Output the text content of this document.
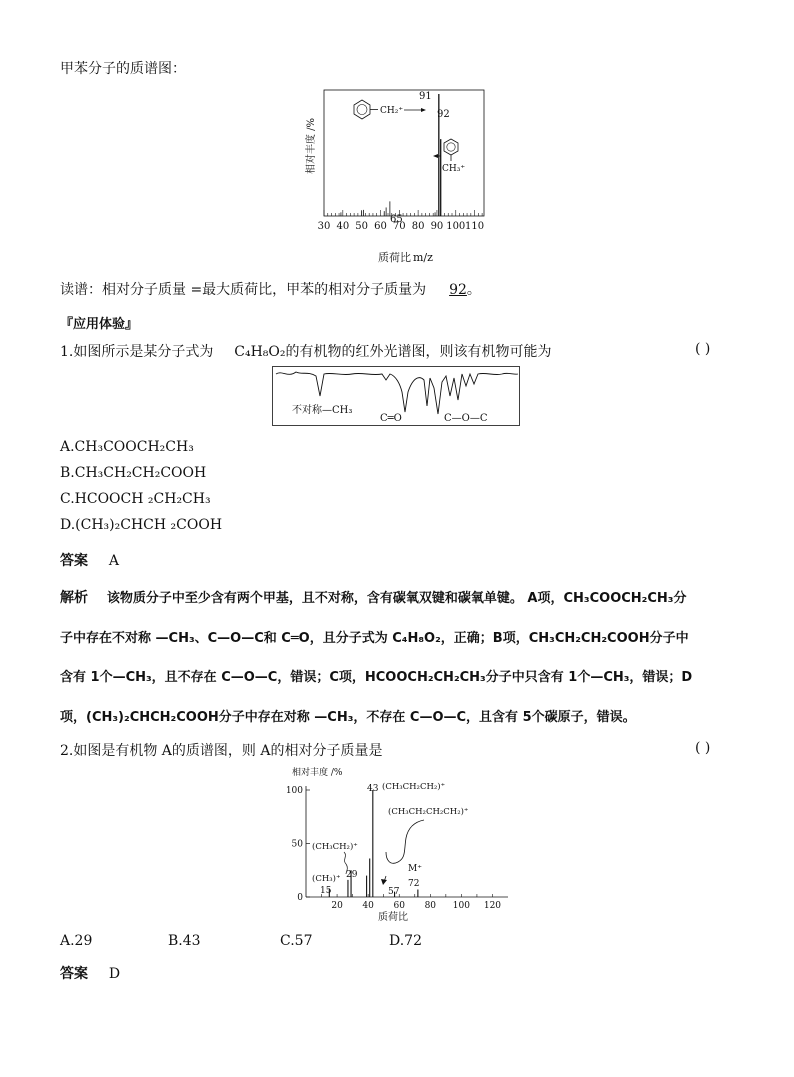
甲苯分子的质谱图：
相对丰度 /%
30 40 50 60 70 80 90 100 110
CH₂⁺
91
92
CH₃⁺
65
质荷比 m/z
读谱：相对分子质量 =最大质荷比，甲苯的相对分子质量为 92。
『应用体验』
1.如图所示是某分子式为 C₄H₈O₂的有机物的红外光谱图，则该有机物可能为	( )
不对称—CH₃
C═O	C—O—C
A.CH₃COOCH₂CH₃
B.CH₃CH₂CH₂COOH
C.HCOOCH ₂CH₂CH₃
D.(CH₃)₂CHCH ₂COOH
答案 A
解析 该物质分子中至少含有两个甲基，且不对称，含有碳氧双键和碳氧单键。 A项，CH₃COOCH₂CH₃分
子中存在不对称 —CH₃、C—O—C和 C═O，且分子式为 C₄H₈O₂，正确；B项，CH₃CH₂CH₂COOH分子中
含有 1个—CH₃，且不存在 C—O—C，错误；C项，HCOOCH₂CH₂CH₃分子中只含有 1个—CH₃，错误；D
项，(CH₃)₂CHCH₂COOH分子中存在对称 —CH₃，不存在 C—O—C，且含有 5个碳原子，错误。
2.如图是有机物 A的质谱图，则 A的相对分子质量是	( )
相对丰度 /%
0
50
100
20 40 60 80 100 120
43 (CH₃CH₂CH₂)⁺
(CH₃CH₂CH₂CH₂)⁺
(CH₃CH₂)⁺
29
(CH₃)⁺
15	57
M⁺
72
质荷比
A.29	B.43	C.57	D.72
答案 D
